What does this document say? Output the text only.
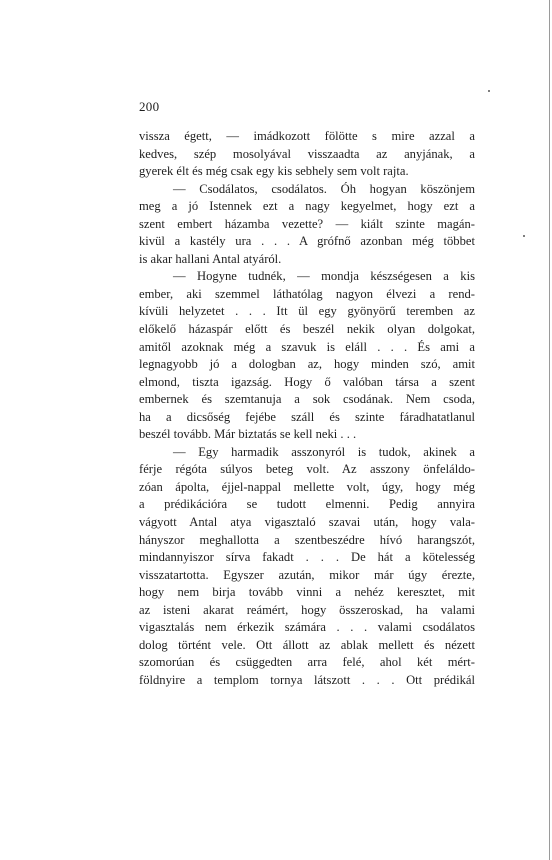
200
vissza égett, — imádkozott fölötte s mire azzal a
kedves, szép mosolyával visszaadta az anyjának, a
gyerek élt és még csak egy kis sebhely sem volt rajta.
— Csodálatos, csodálatos. Óh hogyan köszönjem
meg a jó Istennek ezt a nagy kegyelmet, hogy ezt a
szent embert házamba vezette? — kiált szinte magán-
kivül a kastély ura . . . A grófnő azonban még többet
is akar hallani Antal atyáról.
— Hogyne tudnék, — mondja készségesen a kis
ember, aki szemmel láthatólag nagyon élvezi a rend-
kívüli helyzetet . . . Itt ül egy gyönyörű teremben az
előkelő házaspár előtt és beszél nekik olyan dolgokat,
amitől azoknak még a szavuk is eláll . . . És ami a
legnagyobb jó a dologban az, hogy minden szó, amit
elmond, tiszta igazság. Hogy ő valóban társa a szent
embernek és szemtanuja a sok csodának. Nem csoda,
ha a dicsőség fejébe száll és szinte fáradhatatlanul
beszél tovább. Már biztatás se kell neki . . .
— Egy harmadik asszonyról is tudok, akinek a
férje régóta súlyos beteg volt. Az asszony önfeláldo-
zóan ápolta, éjjel-nappal mellette volt, úgy, hogy még
a prédikációra se tudott elmenni. Pedig annyira
vágyott Antal atya vigasztaló szavai után, hogy vala-
hányszor meghallotta a szentbeszédre hívó harangszót,
mindannyiszor sírva fakadt . . . De hát a kötelesség
visszatartotta. Egyszer azután, mikor már úgy érezte,
hogy nem birja tovább vinni a nehéz keresztet, mit
az isteni akarat reámért, hogy összeroskad, ha valami
vigasztalás nem érkezik számára . . . valami csodálatos
dolog történt vele. Ott állott az ablak mellett és nézett
szomorúan és csüggedten arra felé, ahol két mért-
földnyire a templom tornya látszott . . . Ott prédikál
